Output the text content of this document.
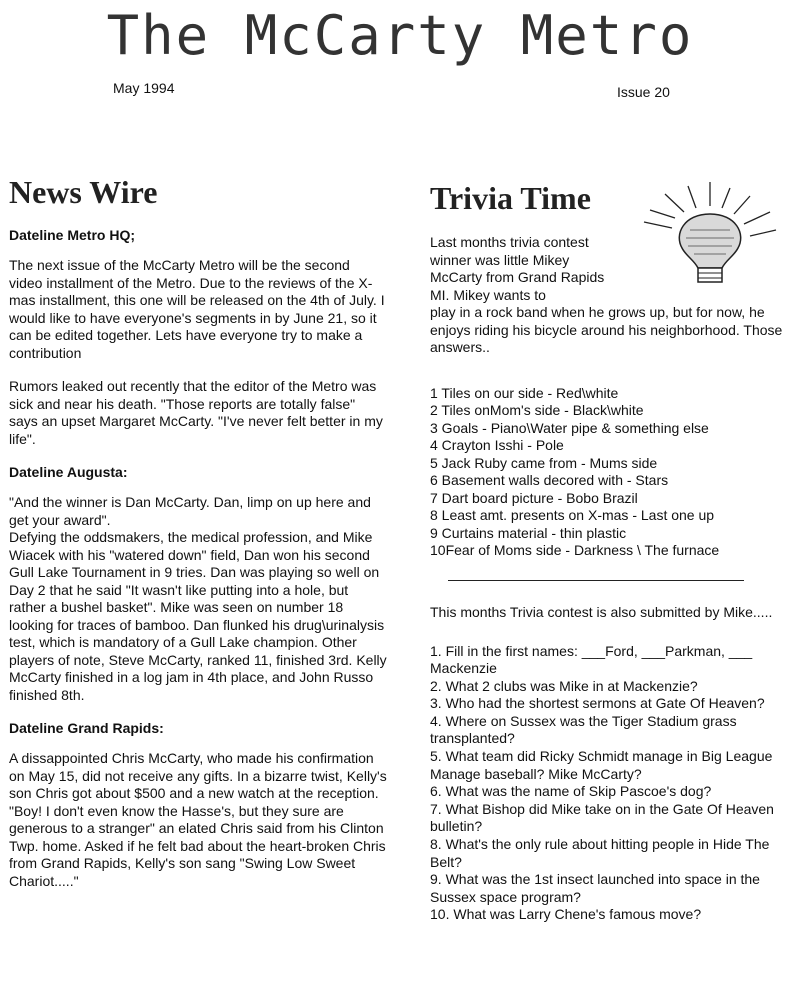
The McCarty Metro
May 1994	Issue 20
News Wire
Dateline Metro HQ;

The next issue of the McCarty Metro will be the second video installment of the Metro. Due to the reviews of the X-mas installment, this one will be released on the 4th of July. I would like to have everyone's segments in by June 21, so it can be edited together. Lets have everyone try to make a contribution

Rumors leaked out recently that the editor of the Metro was sick and near his death. "Those reports are totally false" says an upset Margaret McCarty. "I've never felt better in my life".

Dateline Augusta:

"And the winner is Dan McCarty. Dan, limp on up here and get your award".

Defying the oddsmakers, the medical profession, and Mike Wiacek with his "watered down" field, Dan won his second Gull Lake Tournament in 9 tries. Dan was playing so well on Day 2 that he said "It wasn't like putting into a hole, but rather a bushel basket". Mike was seen on number 18 looking for traces of bamboo. Dan flunked his drug\urinalysis test, which is mandatory of a Gull Lake champion. Other players of note, Steve McCarty, ranked 11, finished 3rd. Kelly McCarty finished in a log jam in 4th place, and John Russo finished 8th.

Dateline Grand Rapids:

A dissappointed Chris McCarty, who made his confirmation on May 15, did not receive any gifts. In a bizarre twist, Kelly's son Chris got about $500 and a new watch at the reception. "Boy! I don't even know the Hasse's, but they sure are generous to a stranger" an elated Chris said from his Clinton Twp. home. Asked if he felt bad about the heart-broken Chris from Grand Rapids, Kelly's son sang "Swing Low Sweet Chariot....."

Trivia Time
Last months trivia contest winner was little Mikey McCarty from Grand Rapids MI. Mikey wants to
play in a rock band when he grows up, but for now, he enjoys riding his bicycle around his neighborhood. Those answers..
1 Tiles on our side - Red\white
2 Tiles onMom's side - Black\white
3 Goals - Piano\Water pipe & something else
4 Crayton Isshi - Pole
5 Jack Ruby came from - Mums side
6 Basement walls decored with - Stars
7 Dart board picture - Bobo Brazil
8 Least amt. presents on X-mas - Last one up
9 Curtains material - thin plastic
10Fear of Moms side - Darkness \ The furnace
This months Trivia contest is also submitted by Mike.....
1. Fill in the first names: ___Ford, ___Parkman, ___ Mackenzie
2. What 2 clubs was Mike in at Mackenzie?
3. Who had the shortest sermons at Gate Of Heaven?
4. Where on Sussex was the Tiger Stadium grass transplanted?
5. What team did Ricky Schmidt manage in Big League Manage baseball? Mike McCarty?
6. What was the name of Skip Pascoe's dog?
7. What Bishop did Mike take on in the Gate Of Heaven bulletin?
8. What's the only rule about hitting people in Hide The Belt?
9. What was the 1st insect launched into space in the Sussex space program?
10. What was Larry Chene's famous move?
